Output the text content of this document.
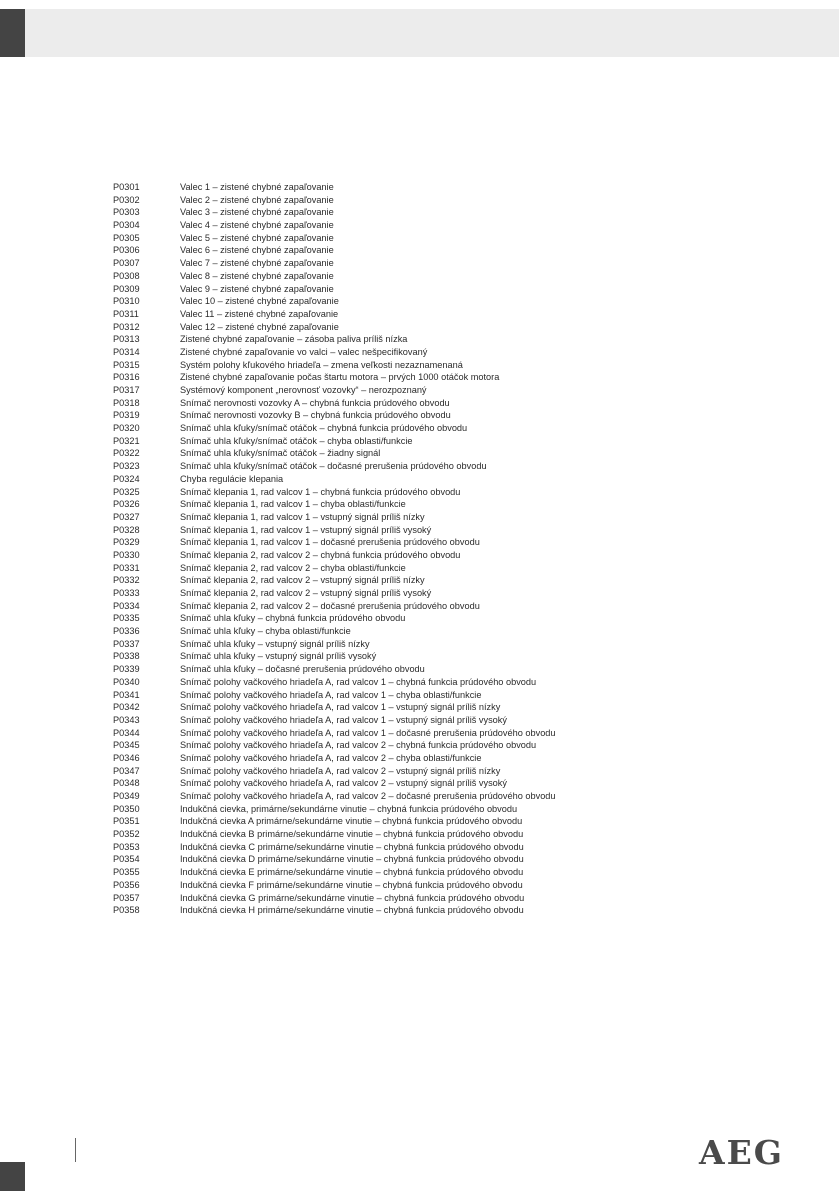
P0301	Valec 1 – zistené chybné zapaľovanie
P0302	Valec 2 – zistené chybné zapaľovanie
P0303	Valec 3 – zistené chybné zapaľovanie
P0304	Valec 4 – zistené chybné zapaľovanie
P0305	Valec 5 – zistené chybné zapaľovanie
P0306	Valec 6 – zistené chybné zapaľovanie
P0307	Valec 7 – zistené chybné zapaľovanie
P0308	Valec 8 – zistené chybné zapaľovanie
P0309	Valec 9 – zistené chybné zapaľovanie
P0310	Valec 10 – zistené chybné zapaľovanie
P0311	Valec 11 – zistené chybné zapaľovanie
P0312	Valec 12 – zistené chybné zapaľovanie
P0313	Zistené chybné zapaľovanie – zásoba paliva príliš nízka
P0314	Zistené chybné zapaľovanie vo valci – valec nešpecifikovaný
P0315	Systém polohy kľukového hriadeľa – zmena veľkosti nezaznamenaná
P0316	Zistené chybné zapaľovanie počas štartu motora – prvých 1000 otáčok motora
P0317	Systémový komponent „nerovnosť vozovky“ – nerozpoznaný
P0318	Snímač nerovnosti vozovky A – chybná funkcia prúdového obvodu
P0319	Snímač nerovnosti vozovky B – chybná funkcia prúdového obvodu
P0320	Snímač uhla kľuky/snímač otáčok – chybná funkcia prúdového obvodu
P0321	Snímač uhla kľuky/snímač otáčok – chyba oblasti/funkcie
P0322	Snímač uhla kľuky/snímač otáčok – žiadny signál
P0323	Snímač uhla kľuky/snímač otáčok – dočasné prerušenia prúdového obvodu
P0324	Chyba regulácie klepania
P0325	Snímač klepania 1, rad valcov 1 – chybná funkcia prúdového obvodu
P0326	Snímač klepania 1, rad valcov 1 – chyba oblasti/funkcie
P0327	Snímač klepania 1, rad valcov 1 – vstupný signál príliš nízky
P0328	Snímač klepania 1, rad valcov 1 – vstupný signál príliš vysoký
P0329	Snímač klepania 1, rad valcov 1 – dočasné prerušenia prúdového obvodu
P0330	Snímač klepania 2, rad valcov 2 – chybná funkcia prúdového obvodu
P0331	Snímač klepania 2, rad valcov 2 – chyba oblasti/funkcie
P0332	Snímač klepania 2, rad valcov 2 – vstupný signál príliš nízky
P0333	Snímač klepania 2, rad valcov 2 – vstupný signál príliš vysoký
P0334	Snímač klepania 2, rad valcov 2 – dočasné prerušenia prúdového obvodu
P0335	Snímač uhla kľuky – chybná funkcia prúdového obvodu
P0336	Snímač uhla kľuky – chyba oblasti/funkcie
P0337	Snímač uhla kľuky – vstupný signál príliš nízky
P0338	Snímač uhla kľuky – vstupný signál príliš vysoký
P0339	Snímač uhla kľuky – dočasné prerušenia prúdového obvodu
P0340	Snímač polohy vačkového hriadeľa A, rad valcov 1 – chybná funkcia prúdového obvodu
P0341	Snímač polohy vačkového hriadeľa A, rad valcov 1 – chyba oblasti/funkcie
P0342	Snímač polohy vačkového hriadeľa A, rad valcov 1 – vstupný signál príliš nízky
P0343	Snímač polohy vačkového hriadeľa A, rad valcov 1 – vstupný signál príliš vysoký
P0344	Snímač polohy vačkového hriadeľa A, rad valcov 1 – dočasné prerušenia prúdového obvodu
P0345	Snímač polohy vačkového hriadeľa A, rad valcov 2 – chybná funkcia prúdového obvodu
P0346	Snímač polohy vačkového hriadeľa A, rad valcov 2 – chyba oblasti/funkcie
P0347	Snímač polohy vačkového hriadeľa A, rad valcov 2 – vstupný signál príliš nízky
P0348	Snímač polohy vačkového hriadeľa A, rad valcov 2 – vstupný signál príliš vysoký
P0349	Snímač polohy vačkového hriadeľa A, rad valcov 2 – dočasné prerušenia prúdového obvodu
P0350	Indukčná cievka, primárne/sekundárne vinutie – chybná funkcia prúdového obvodu
P0351	Indukčná cievka A primárne/sekundárne vinutie – chybná funkcia prúdového obvodu
P0352	Indukčná cievka B primárne/sekundárne vinutie – chybná funkcia prúdového obvodu
P0353	Indukčná cievka C primárne/sekundárne vinutie – chybná funkcia prúdového obvodu
P0354	Indukčná cievka D primárne/sekundárne vinutie – chybná funkcia prúdového obvodu
P0355	Indukčná cievka E primárne/sekundárne vinutie – chybná funkcia prúdového obvodu
P0356	Indukčná cievka F primárne/sekundárne vinutie – chybná funkcia prúdového obvodu
P0357	Indukčná cievka G primárne/sekundárne vinutie – chybná funkcia prúdového obvodu
P0358	Indukčná cievka H primárne/sekundárne vinutie – chybná funkcia prúdového obvodu
AEG
